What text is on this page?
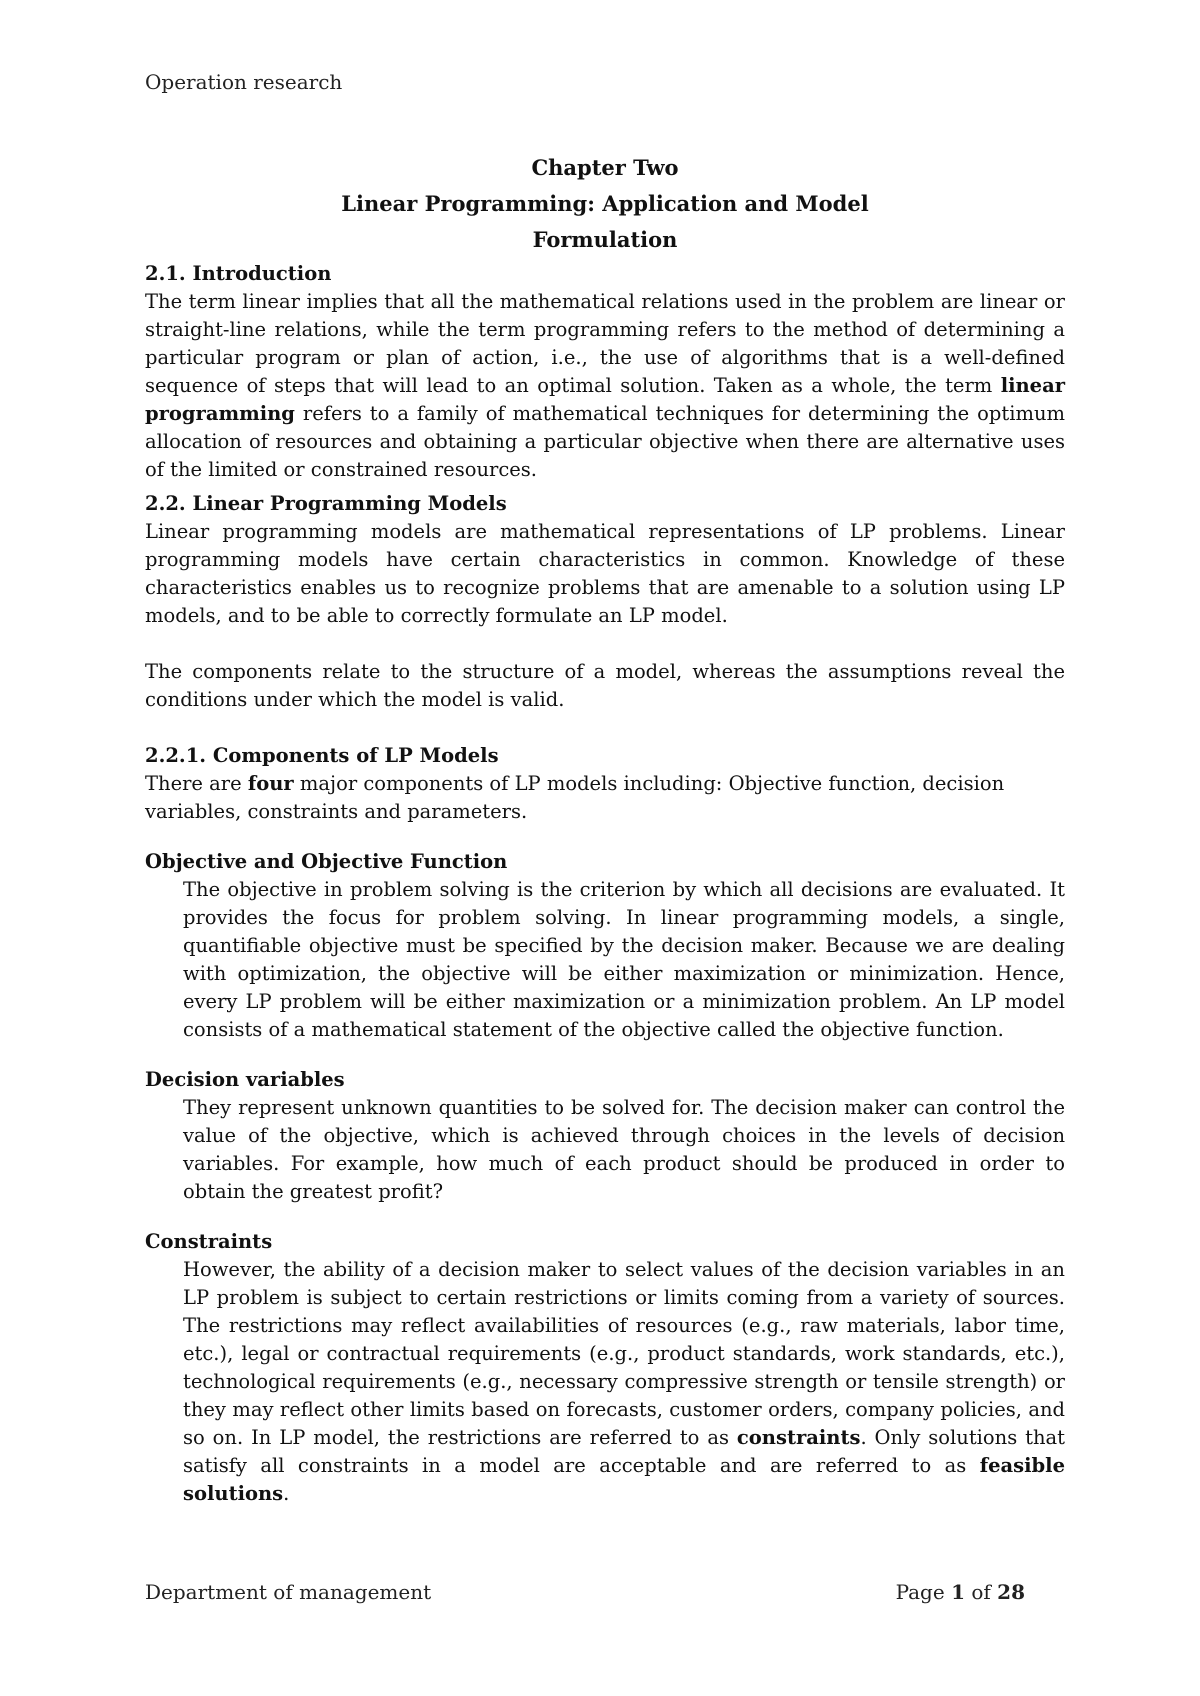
Operation research
Chapter Two
Linear Programming: Application and Model
Formulation
2.1. Introduction

The term linear implies that all the mathematical relations used in the problem are linear or straight-line relations, while the term programming refers to the method of determining a particular program or plan of action, i.e., the use of algorithms that is a well-defined sequence of steps that will lead to an optimal solution. Taken as a whole, the term linear programming refers to a family of mathematical techniques for determining the optimum allocation of resources and obtaining a particular objective when there are alternative uses of the limited or constrained resources.

2.2. Linear Programming Models

Linear programming models are mathematical representations of LP problems. Linear programming models have certain characteristics in common. Knowledge of these characteristics enables us to recognize problems that are amenable to a solution using LP models, and to be able to correctly formulate an LP model.

The components relate to the structure of a model, whereas the assumptions reveal the conditions under which the model is valid.

2.2.1. Components of LP Models

There are four major components of LP models including: Objective function, decision variables, constraints and parameters.

Objective and Objective Function

The objective in problem solving is the criterion by which all decisions are evaluated. It provides the focus for problem solving. In linear programming models, a single, quantifiable objective must be specified by the decision maker. Because we are dealing with optimization, the objective will be either maximization or minimization. Hence, every LP problem will be either maximization or a minimization problem. An LP model consists of a mathematical statement of the objective called the objective function.

Decision variables

They represent unknown quantities to be solved for. The decision maker can control the value of the objective, which is achieved through choices in the levels of decision variables. For example, how much of each product should be produced in order to obtain the greatest profit?

Constraints

However, the ability of a decision maker to select values of the decision variables in an LP problem is subject to certain restrictions or limits coming from a variety of sources. The restrictions may reflect availabilities of resources (e.g., raw materials, labor time, etc.), legal or contractual requirements (e.g., product standards, work standards, etc.), technological requirements (e.g., necessary compressive strength or tensile strength) or they may reflect other limits based on forecasts, customer orders, company policies, and so on. In LP model, the restrictions are referred to as constraints. Only solutions that satisfy all constraints in a model are acceptable and are referred to as feasible solutions.

Department of management	Page 1 of 28
